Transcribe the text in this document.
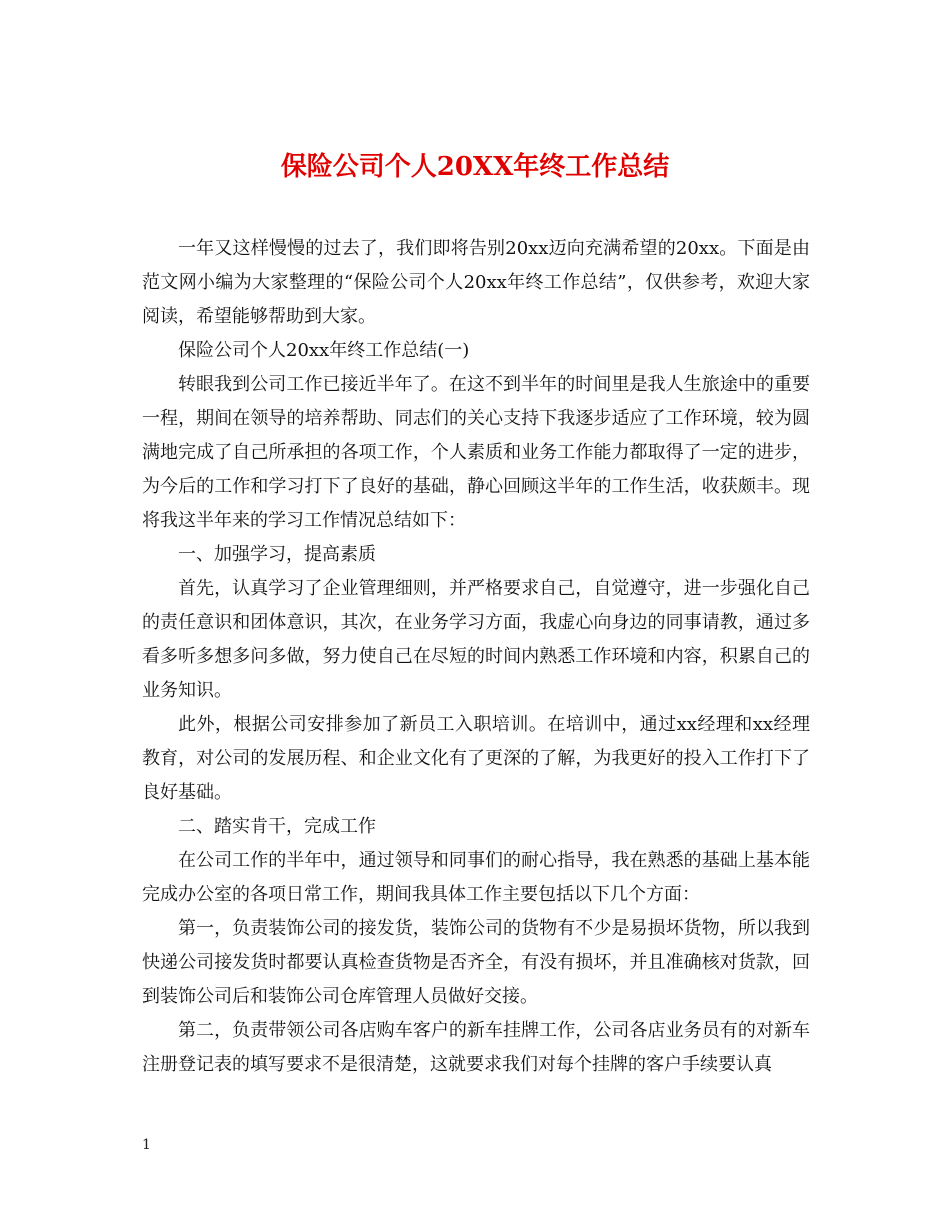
保险公司个人20XX年终工作总结

一年又这样慢慢的过去了，我们即将告别20xx迈向充满希望的20xx。下面是由范文网小编为大家整理的“保险公司个人20xx年终工作总结”，仅供参考，欢迎大家阅读，希望能够帮助到大家。

保险公司个人20xx年终工作总结(一)

转眼我到公司工作已接近半年了。在这不到半年的时间里是我人生旅途中的重要一程，期间在领导的培养帮助、同志们的关心支持下我逐步适应了工作环境，较为圆满地完成了自己所承担的各项工作，个人素质和业务工作能力都取得了一定的进步，为今后的工作和学习打下了良好的基础，静心回顾这半年的工作生活，收获颇丰。现将我这半年来的学习工作情况总结如下：

一、加强学习，提高素质

首先，认真学习了企业管理细则，并严格要求自己，自觉遵守，进一步强化自己的责任意识和团体意识，其次，在业务学习方面，我虚心向身边的同事请教，通过多看多听多想多问多做，努力使自己在尽短的时间内熟悉工作环境和内容，积累自己的业务知识。

此外，根据公司安排参加了新员工入职培训。在培训中，通过xx经理和xx经理教育，对公司的发展历程、和企业文化有了更深的了解，为我更好的投入工作打下了良好基础。

二、踏实肯干，完成工作

在公司工作的半年中，通过领导和同事们的耐心指导，我在熟悉的基础上基本能完成办公室的各项日常工作，期间我具体工作主要包括以下几个方面：

第一，负责装饰公司的接发货，装饰公司的货物有不少是易损坏货物，所以我到快递公司接发货时都要认真检查货物是否齐全，有没有损坏，并且准确核对货款，回到装饰公司后和装饰公司仓库管理人员做好交接。

第二，负责带领公司各店购车客户的新车挂牌工作，公司各店业务员有的对新车注册登记表的填写要求不是很清楚，这就要求我们对每个挂牌的客户手续要认真

1
